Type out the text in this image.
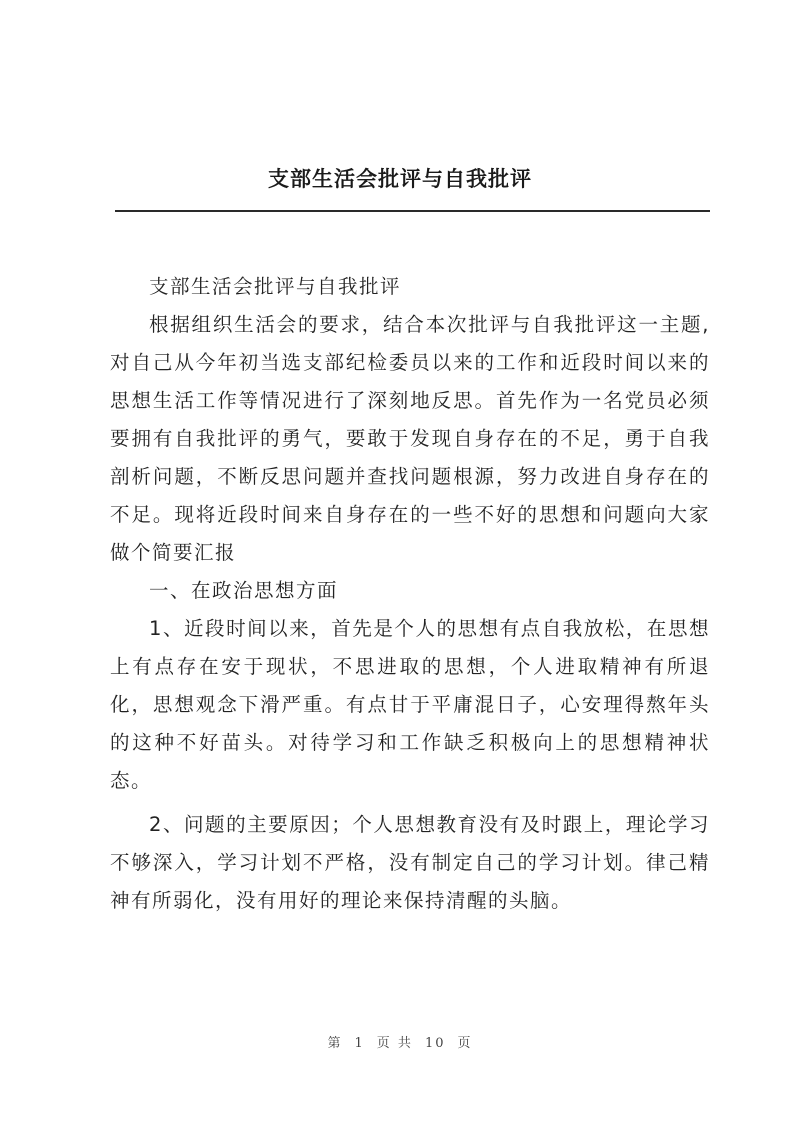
支部生活会批评与自我批评

支部生活会批评与自我批评

根据组织生活会的要求，结合本次批评与自我批评这一主题,对自己从今年初当选支部纪检委员以来的工作和近段时间以来的思想生活工作等情况进行了深刻地反思。首先作为一名党员必须要拥有自我批评的勇气，要敢于发现自身存在的不足，勇于自我剖析问题，不断反思问题并查找问题根源，努力改进自身存在的不足。现将近段时间来自身存在的一些不好的思想和问题向大家做个简要汇报

一、在政治思想方面

1、近段时间以来，首先是个人的思想有点自我放松，在思想上有点存在安于现状，不思进取的思想，个人进取精神有所退化，思想观念下滑严重。有点甘于平庸混日子，心安理得熬年头的这种不好苗头。对待学习和工作缺乏积极向上的思想精神状态。

2、问题的主要原因；个人思想教育没有及时跟上，理论学习不够深入，学习计划不严格，没有制定自己的学习计划。律己精神有所弱化，没有用好的理论来保持清醒的头脑。

第 1 页 共 10 页
